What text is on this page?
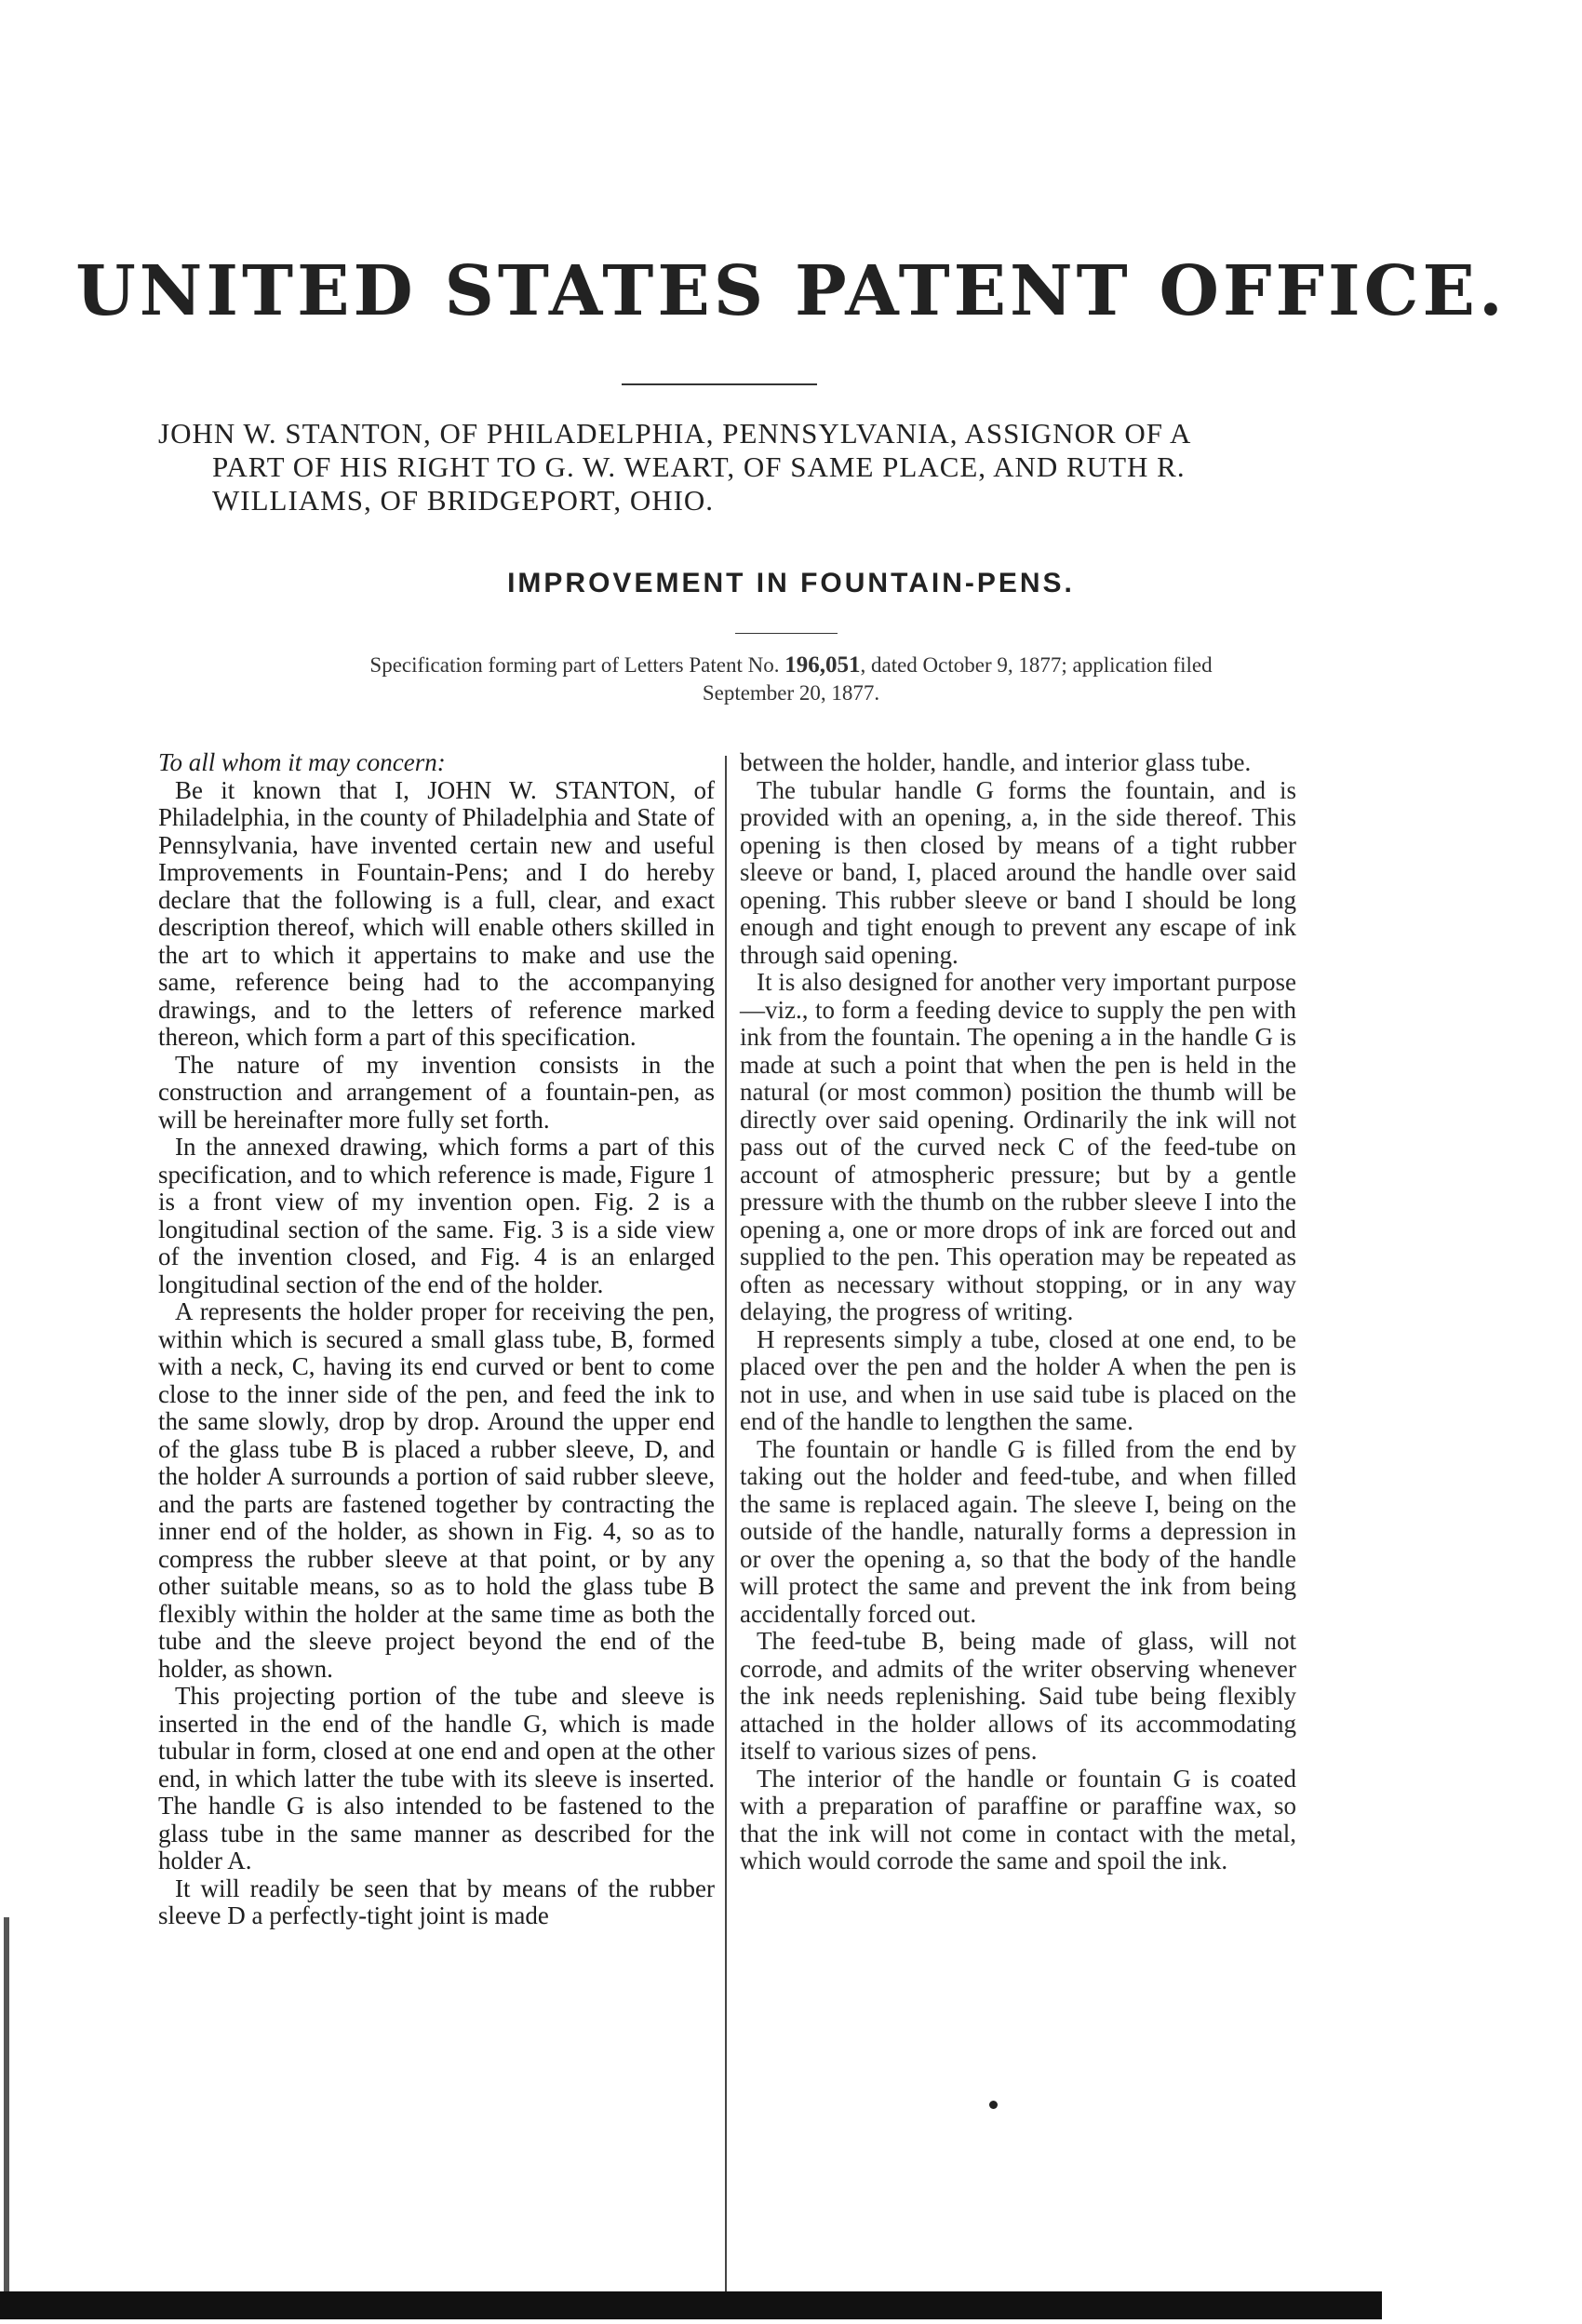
UNITED STATES PATENT OFFICE.

JOHN W. STANTON, OF PHILADELPHIA, PENNSYLVANIA, ASSIGNOR OF A

PART OF HIS RIGHT TO G. W. WEART, OF SAME PLACE, AND RUTH R.

WILLIAMS, OF BRIDGEPORT, OHIO.

IMPROVEMENT IN FOUNTAIN-PENS.
Specification forming part of Letters Patent No. 196,051, dated October 9, 1877; application filed
September 20, 1877.

To all whom it may concern:

Be it known that I, JOHN W. STANTON, of Philadelphia, in the county of Philadelphia and State of Pennsylvania, have invented certain new and useful Improvements in Fountain-Pens; and I do hereby declare that the following is a full, clear, and exact description thereof, which will enable others skilled in the art to which it appertains to make and use the same, reference being had to the accompanying drawings, and to the letters of reference marked thereon, which form a part of this specification.

The nature of my invention consists in the construction and arrangement of a fountain-pen, as will be hereinafter more fully set forth.

In the annexed drawing, which forms a part of this specification, and to which reference is made, Figure 1 is a front view of my invention open. Fig. 2 is a longitudinal section of the same. Fig. 3 is a side view of the invention closed, and Fig. 4 is an enlarged longitudinal section of the end of the holder.

A represents the holder proper for receiving the pen, within which is secured a small glass tube, B, formed with a neck, C, having its end curved or bent to come close to the inner side of the pen, and feed the ink to the same slowly, drop by drop. Around the upper end of the glass tube B is placed a rubber sleeve, D, and the holder A surrounds a portion of said rubber sleeve, and the parts are fastened together by contracting the inner end of the holder, as shown in Fig. 4, so as to compress the rubber sleeve at that point, or by any other suitable means, so as to hold the glass tube B flexibly within the holder at the same time as both the tube and the sleeve project beyond the end of the holder, as shown.

This projecting portion of the tube and sleeve is inserted in the end of the handle G, which is made tubular in form, closed at one end and open at the other end, in which latter the tube with its sleeve is inserted. The handle G is also intended to be fastened to the glass tube in the same manner as described for the holder A.

It will readily be seen that by means of the rubber sleeve D a perfectly-tight joint is made

between the holder, handle, and interior glass tube.

The tubular handle G forms the fountain, and is provided with an opening, a, in the side thereof. This opening is then closed by means of a tight rubber sleeve or band, I, placed around the handle over said opening. This rubber sleeve or band I should be long enough and tight enough to prevent any escape of ink through said opening.

It is also designed for another very important purpose—viz., to form a feeding device to supply the pen with ink from the fountain. The opening a in the handle G is made at such a point that when the pen is held in the natural (or most common) position the thumb will be directly over said opening. Ordinarily the ink will not pass out of the curved neck C of the feed-tube on account of atmospheric pressure; but by a gentle pressure with the thumb on the rubber sleeve I into the opening a, one or more drops of ink are forced out and supplied to the pen. This operation may be repeated as often as necessary without stopping, or in any way delaying, the progress of writing.

H represents simply a tube, closed at one end, to be placed over the pen and the holder A when the pen is not in use, and when in use said tube is placed on the end of the handle to lengthen the same.

The fountain or handle G is filled from the end by taking out the holder and feed-tube, and when filled the same is replaced again. The sleeve I, being on the outside of the handle, naturally forms a depression in or over the opening a, so that the body of the handle will protect the same and prevent the ink from being accidentally forced out.

The feed-tube B, being made of glass, will not corrode, and admits of the writer observing whenever the ink needs replenishing. Said tube being flexibly attached in the holder allows of its accommodating itself to various sizes of pens.

The interior of the handle or fountain G is coated with a preparation of paraffine or paraffine wax, so that the ink will not come in contact with the metal, which would corrode the same and spoil the ink.
